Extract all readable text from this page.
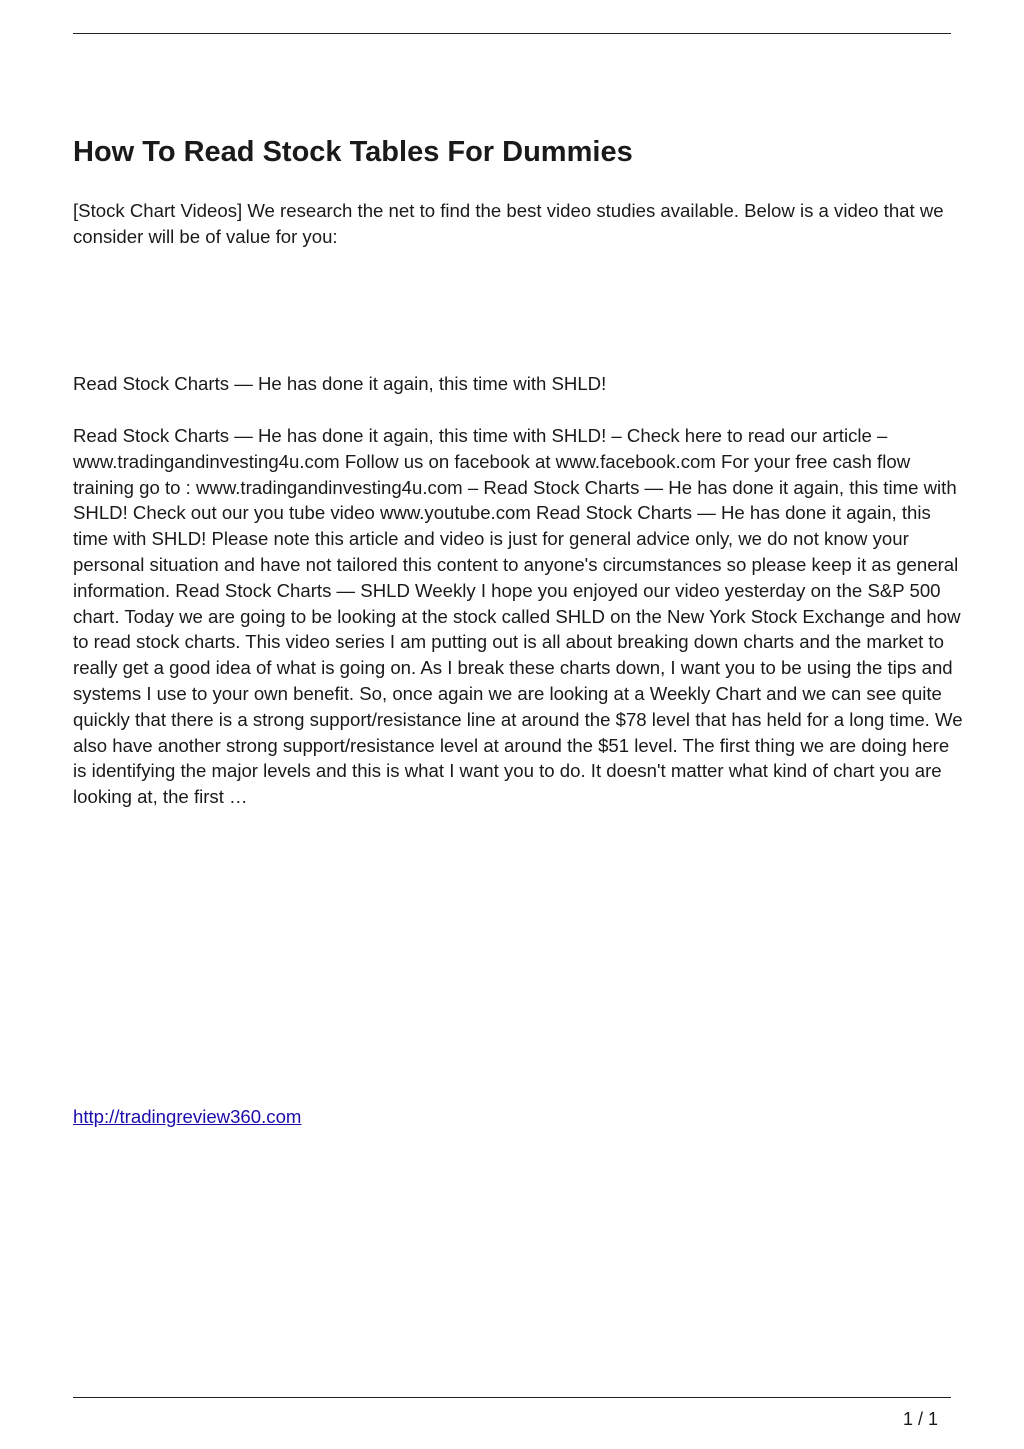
How To Read Stock Tables For Dummies

[Stock Chart Videos] We research the net to find the best video studies available. Below is a video that we consider will be of value for you:

Read Stock Charts — He has done it again, this time with SHLD!

Read Stock Charts — He has done it again, this time with SHLD! – Check here to read our article – www.tradingandinvesting4u.com Follow us on facebook at www.facebook.com For your free cash flow training go to : www.tradingandinvesting4u.com – Read Stock Charts — He has done it again, this time with SHLD! Check out our you tube video www.youtube.com Read Stock Charts — He has done it again, this time with SHLD! Please note this article and video is just for general advice only, we do not know your personal situation and have not tailored this content to anyone's circumstances so please keep it as general information. Read Stock Charts — SHLD Weekly I hope you enjoyed our video yesterday on the S&P 500 chart. Today we are going to be looking at the stock called SHLD on the New York Stock Exchange and how to read stock charts. This video series I am putting out is all about breaking down charts and the market to really get a good idea of what is going on. As I break these charts down, I want you to be using the tips and systems I use to your own benefit. So, once again we are looking at a Weekly Chart and we can see quite quickly that there is a strong support/resistance line at around the $78 level that has held for a long time. We also have another strong support/resistance level at around the $51 level. The first thing we are doing here is identifying the major levels and this is what I want you to do. It doesn't matter what kind of chart you are looking at, the first …

http://tradingreview360.com
1 / 1
